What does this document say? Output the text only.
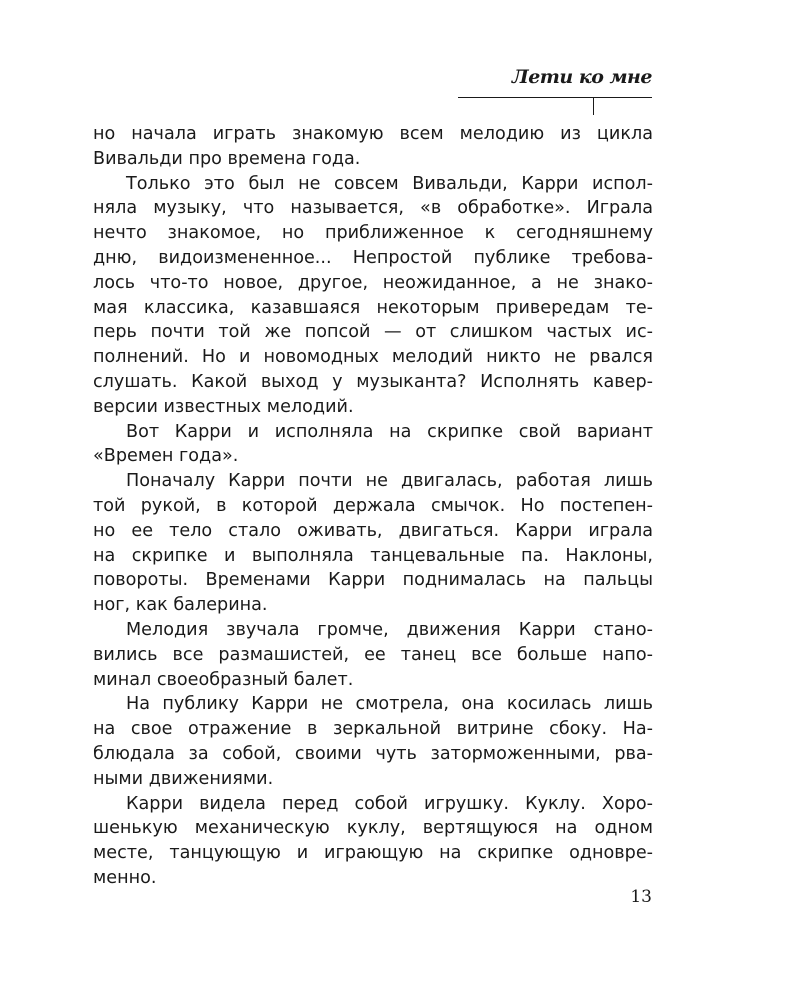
Лети ко мне
но начала играть знакомую всем мелодию из цикла
Вивальди про времена года.
Только это был не совсем Вивальди, Карри испол-
няла музыку, что называется, «в обработке». Играла
нечто знакомое, но приближенное к сегодняшнему
дню, видоизмененное... Непростой публике требова-
лось что-то новое, другое, неожиданное, а не знако-
мая классика, казавшаяся некоторым привередам те-
перь почти той же попсой — от слишком частых ис-
полнений. Но и новомодных мелодий никто не рвался
слушать. Какой выход у музыканта? Исполнять кавер-
версии известных мелодий.
Вот Карри и исполняла на скрипке свой вариант
«Времен года».
Поначалу Карри почти не двигалась, работая лишь
той рукой, в которой держала смычок. Но постепен-
но ее тело стало оживать, двигаться. Карри играла
на скрипке и выполняла танцевальные па. Наклоны,
повороты. Временами Карри поднималась на пальцы
ног, как балерина.
Мелодия звучала громче, движения Карри стано-
вились все размашистей, ее танец все больше напо-
минал своеобразный балет.
На публику Карри не смотрела, она косилась лишь
на свое отражение в зеркальной витрине сбоку. На-
блюдала за собой, своими чуть заторможенными, рва-
ными движениями.
Карри видела перед собой игрушку. Куклу. Хоро-
шенькую механическую куклу, вертящуюся на одном
месте, танцующую и играющую на скрипке одновре-
менно.
13
